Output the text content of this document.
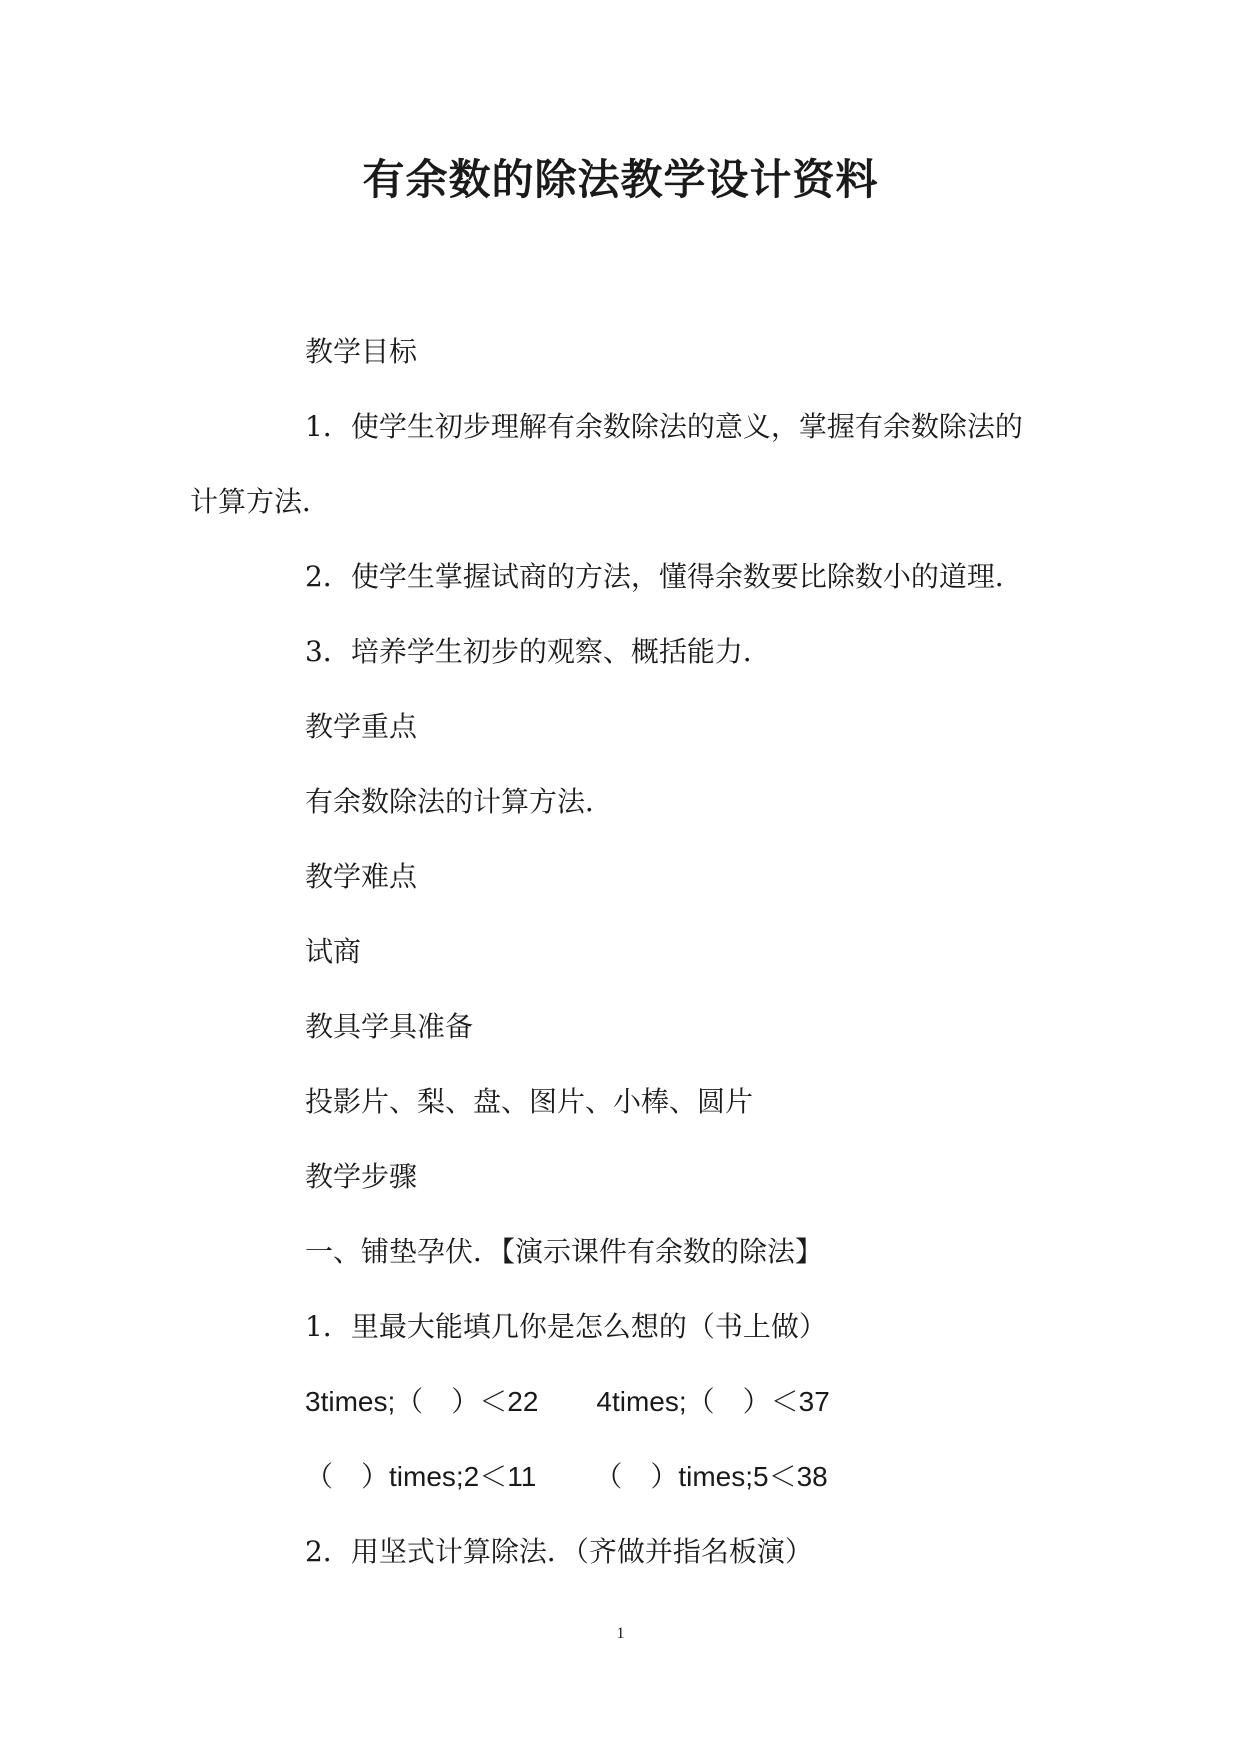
有余数的除法教学设计资料
教学目标
1．使学生初步理解有余数除法的意义，掌握有余数除法的
计算方法．
2．使学生掌握试商的方法，懂得余数要比除数小的道理．
3．培养学生初步的观察、概括能力．
教学重点
有余数除法的计算方法．
教学难点
试商
教具学具准备
投影片、梨、盘、图片、小棒、圆片
教学步骤
一、铺垫孕伏．【演示课件有余数的除法】
1．里最大能填几你是怎么想的（书上做）
3times;（　）＜22 4times;（　）＜37
（　）times;2＜11 （　）times;5＜38
2．用坚式计算除法．（齐做并指名板演）
1
